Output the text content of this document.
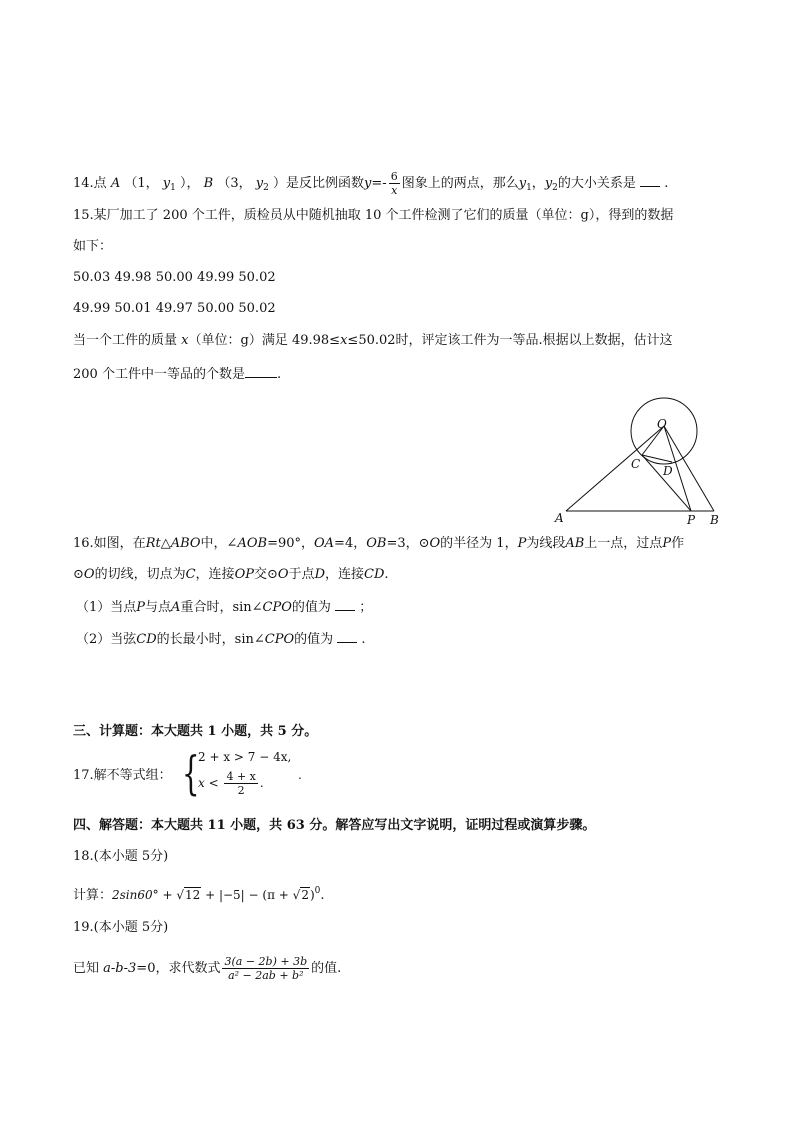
14.点 A （1， $y_1$ ）， B （3， $y_2$ ）是反比例函数$y=- \frac{6}{x}$ 图象上的两点，那么$y_1$，$y_2$的大小关系是 .
15.某厂加工了 200 个工件，质检员从中随机抽取 10 个工件检测了它们的质量（单位：g），得到的数据
如下：
50.03 49.98 50.00 49.99 50.02
49.99 50.01 49.97 50.00 50.02
当一个工件的质量 x（单位：g）满足 49.98≤x≤50.02时，评定该工件为一等品.根据以上数据，估计这
200 个工件中一等品的个数是 .
O
C D
A	P B
16.如图，在Rt△ABO中，∠AOB=90°，OA=4，OB=3，⊙O的半径为 1，P为线段AB上一点，过点P作
⊙O的切线，切点为C，连接OP交⊙O于点D，连接CD.
（1）当点P与点A重合时，sin∠CPO的值为 ；
（2）当弦CD的长最小时，sin∠CPO的值为 .
三、计算题：本大题共 1 小题，共 5 分。
17.解不等式组： {
2 + x > 7 − 4x,
$x < \frac{4 + x}{2}$ .
.
四、解答题：本大题共 11 小题，共 63 分。解答应写出文字说明，证明过程或演算步骤。
18.(本小题 5分)
计算：$2\sin 60^\circ + √12 + |-5| - (\pi + √2)^0$.
19.(本小题 5分)
已知 a-b-3=0，求代数式 $\frac{3(a - 2b) + 3b}{\text{a² − 2ab + b²}}$ 的值.
